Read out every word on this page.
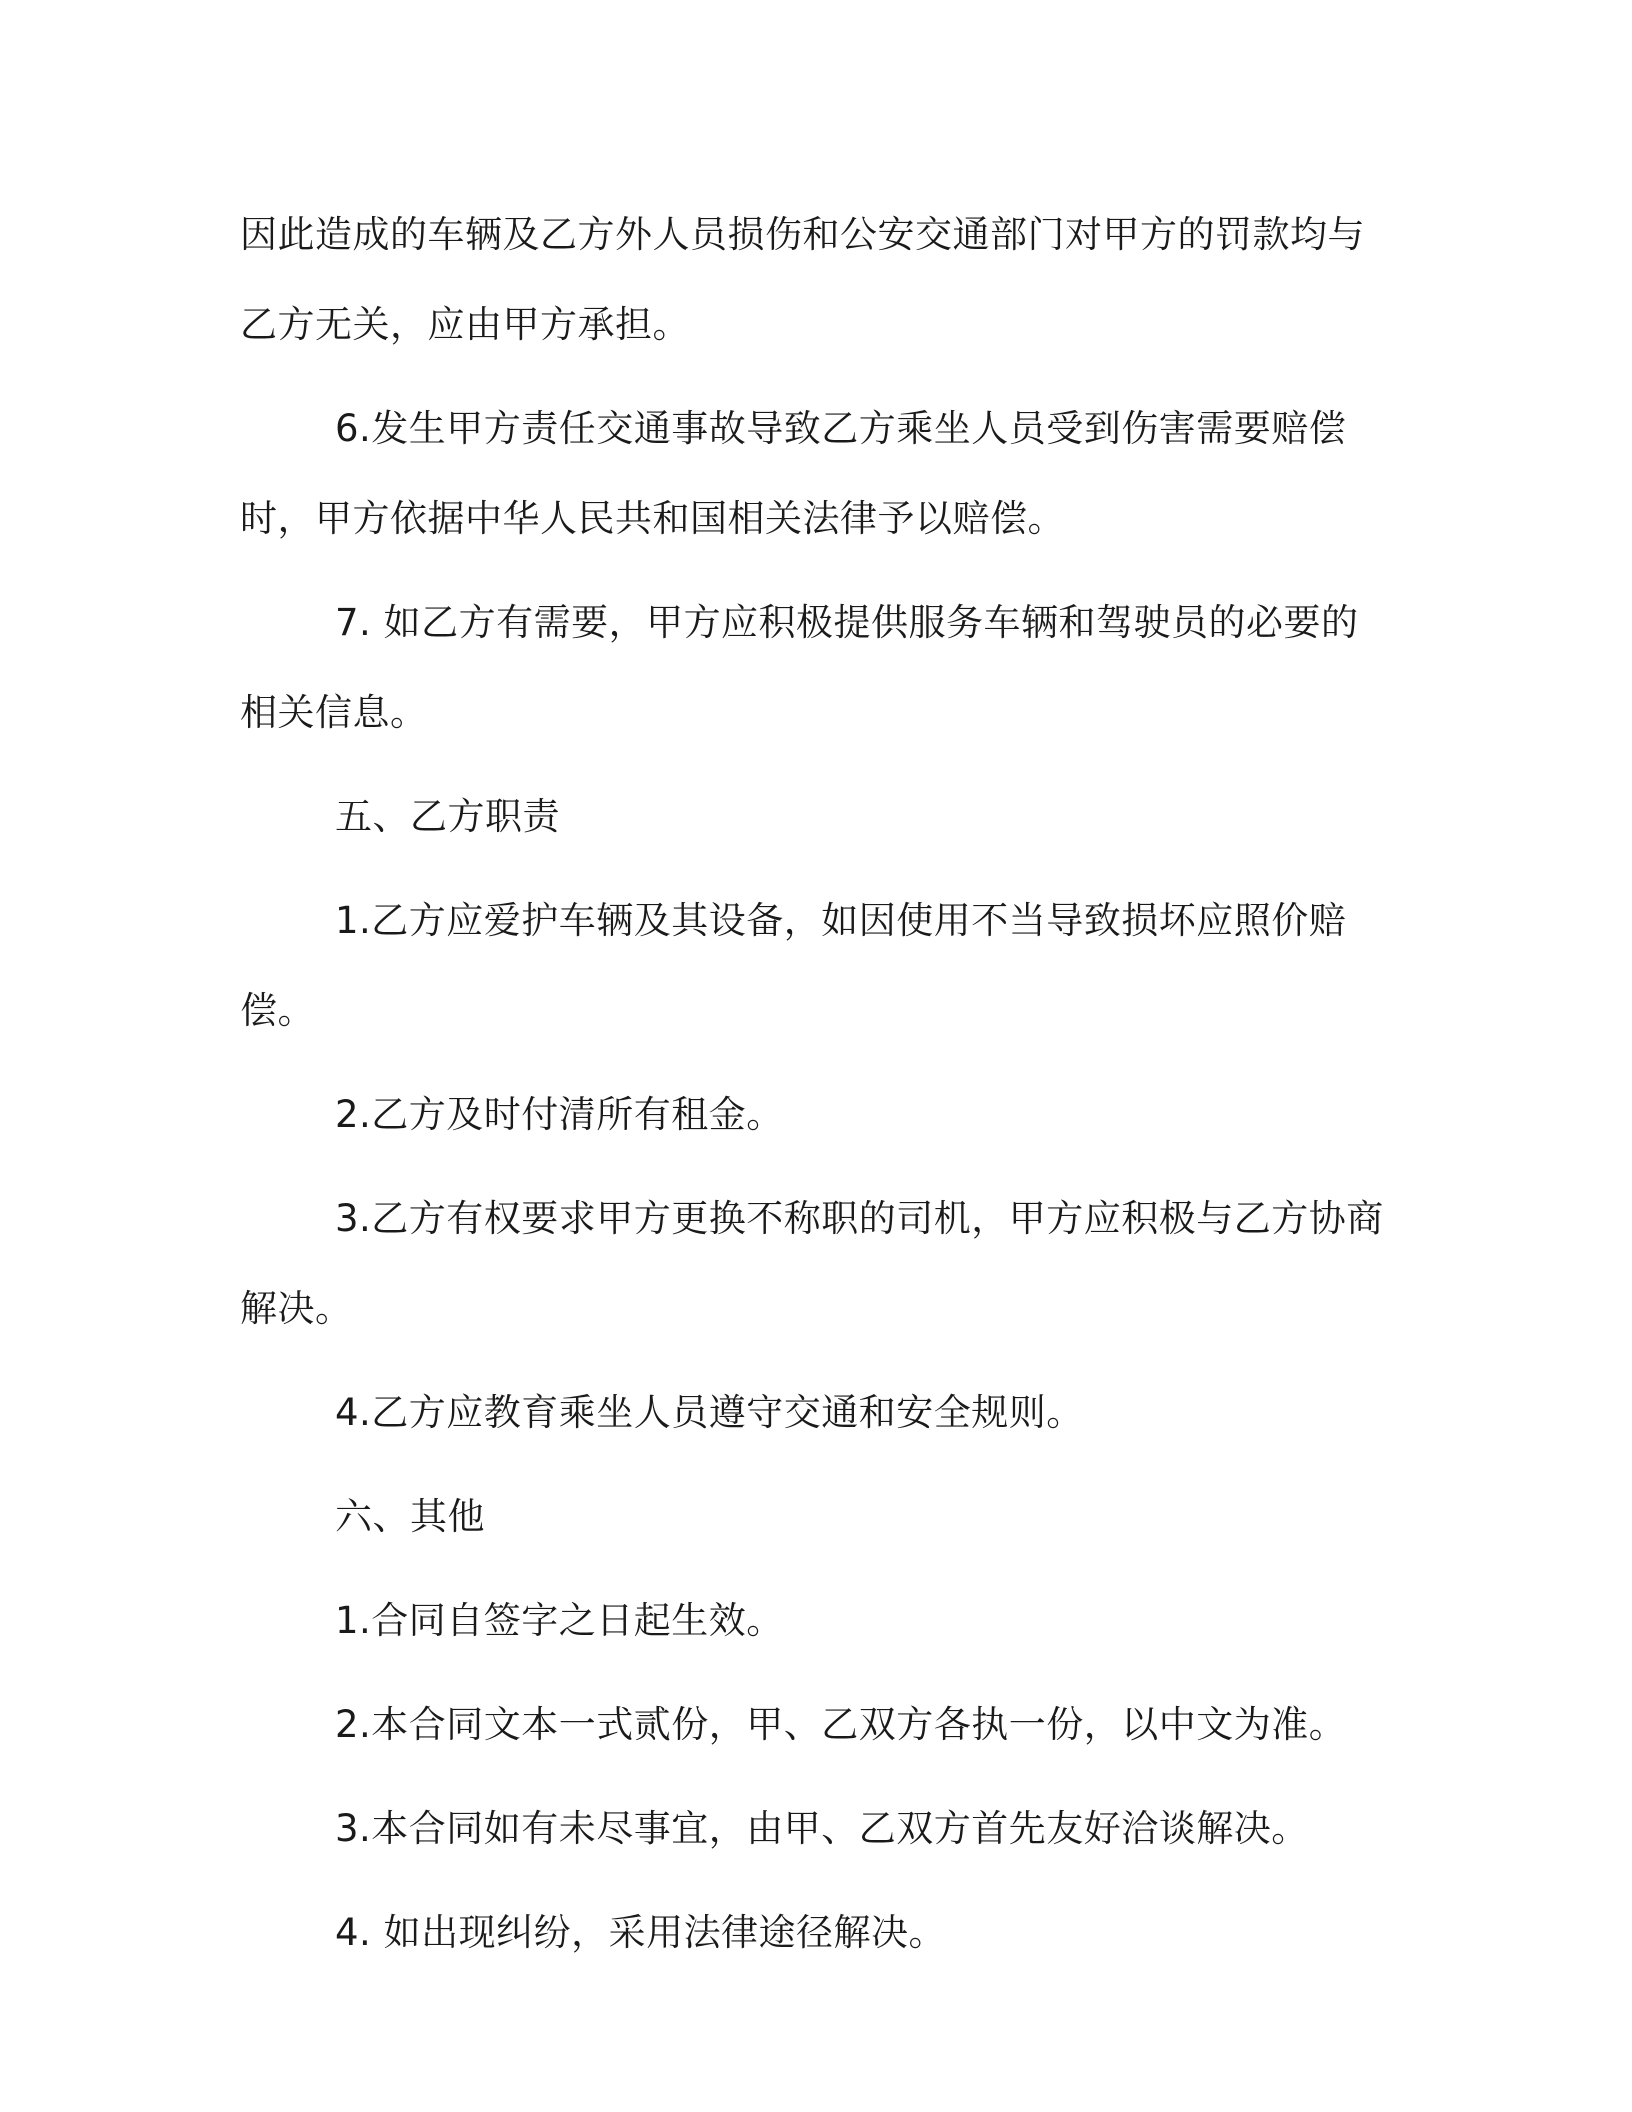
因此造成的车辆及乙方外人员损伤和公安交通部门对甲方的罚款均与乙方无关，应由甲方承担。

6.发生甲方责任交通事故导致乙方乘坐人员受到伤害需要赔偿时，甲方依据中华人民共和国相关法律予以赔偿。

7. 如乙方有需要，甲方应积极提供服务车辆和驾驶员的必要的相关信息。

五、乙方职责

1.乙方应爱护车辆及其设备，如因使用不当导致损坏应照价赔偿。

2.乙方及时付清所有租金。

3.乙方有权要求甲方更换不称职的司机，甲方应积极与乙方协商解决。

4.乙方应教育乘坐人员遵守交通和安全规则。

六、其他

1.合同自签字之日起生效。

2.本合同文本一式贰份，甲、乙双方各执一份，以中文为准。

3.本合同如有未尽事宜，由甲、乙双方首先友好洽谈解决。

4. 如出现纠纷，采用法律途径解决。
